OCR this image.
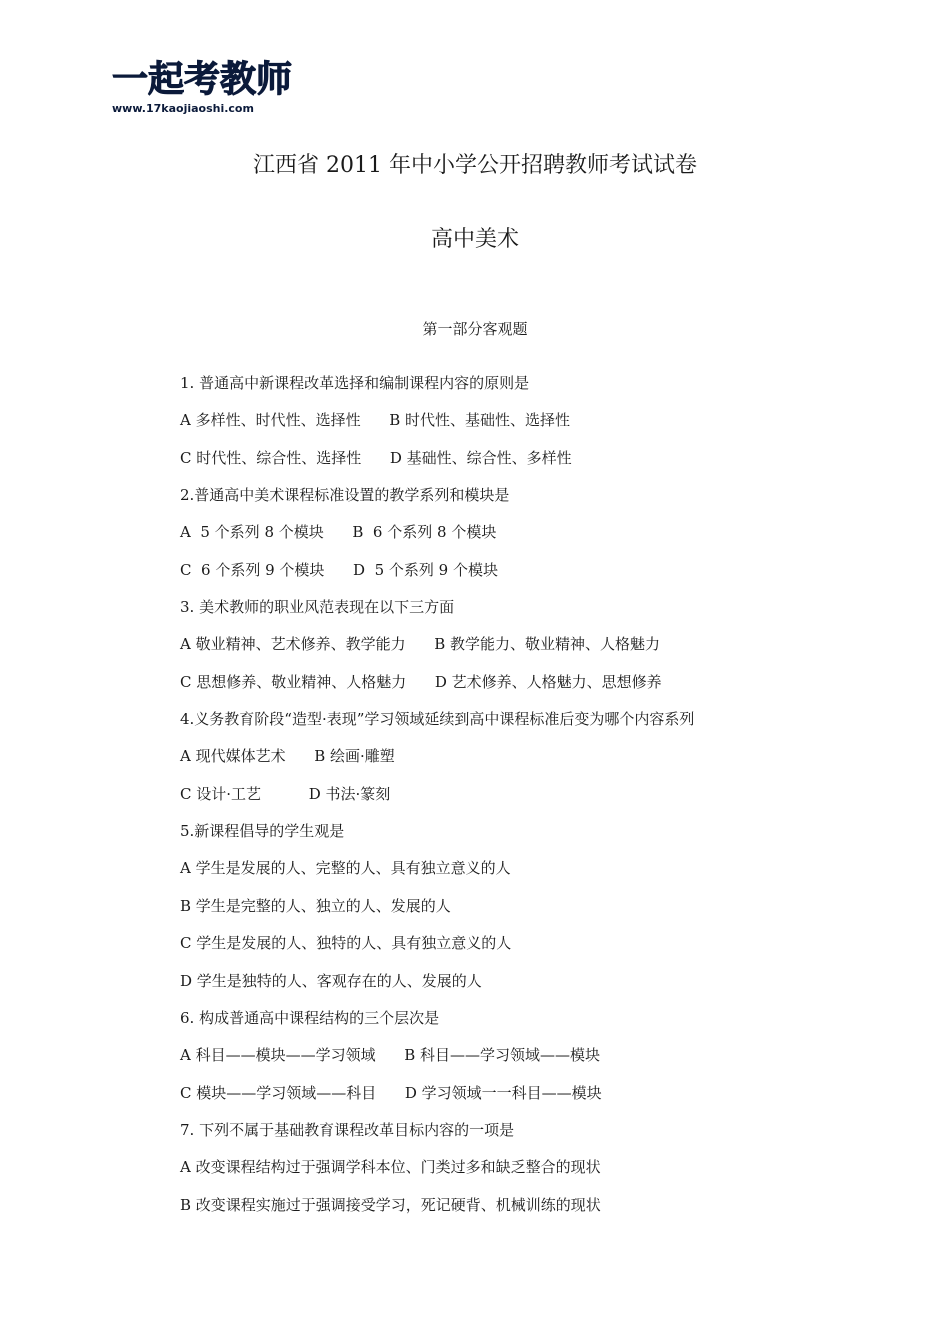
一起考教师
www.17kaojiaoshi.com
江西省 2011 年中小学公开招聘教师考试试卷
高中美术
第一部分客观题
1. 普通高中新课程改革选择和编制课程内容的原则是
A 多样性、时代性、选择性      B 时代性、基础性、选择性
C 时代性、综合性、选择性      D 基础性、综合性、多样性
2.普通高中美术课程标准设置的教学系列和模块是
A  5 个系列 8 个模块      B  6 个系列 8 个模块
C  6 个系列 9 个模块      D  5 个系列 9 个模块
3. 美术教师的职业风范表现在以下三方面
A 敬业精神、艺术修养、教学能力      B 教学能力、敬业精神、人格魅力
C 思想修养、敬业精神、人格魅力      D 艺术修养、人格魅力、思想修养
4.义务教育阶段“造型·表现”学习领域延续到高中课程标准后变为哪个内容系列
A 现代媒体艺术      B 绘画·雕塑
C 设计·工艺          D 书法·篆刻
5.新课程倡导的学生观是
A 学生是发展的人、完整的人、具有独立意义的人
B 学生是完整的人、独立的人、发展的人
C 学生是发展的人、独特的人、具有独立意义的人
D 学生是独特的人、客观存在的人、发展的人
6. 构成普通高中课程结构的三个层次是
A 科目——模块——学习领域      B 科目——学习领域——模块
C 模块——学习领域——科目      D 学习领域一一科目——模块
7. 下列不属于基础教育课程改革目标内容的一项是
A 改变课程结构过于强调学科本位、门类过多和缺乏整合的现状
B 改变课程实施过于强调接受学习，死记硬背、机械训练的现状
